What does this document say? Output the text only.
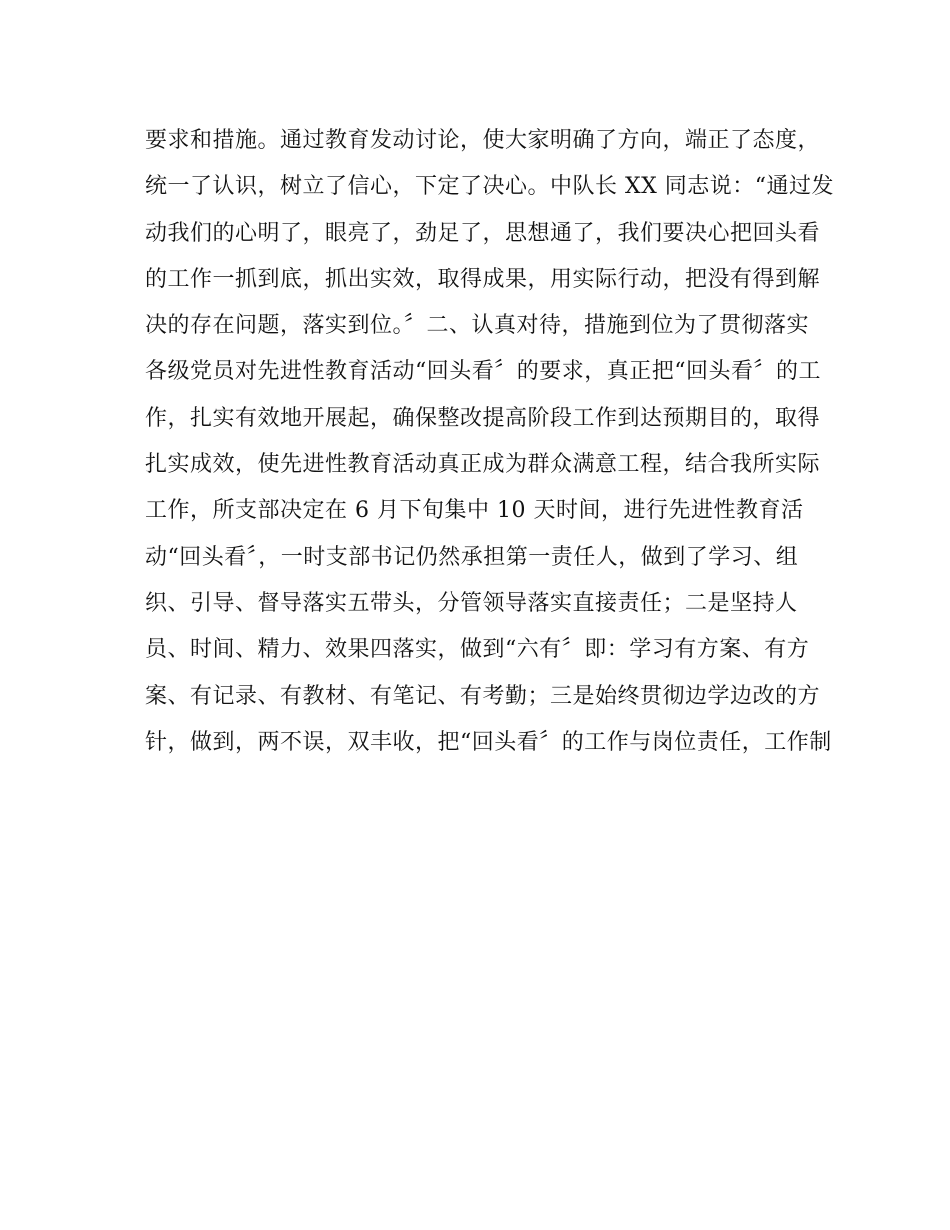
要求和措施。通过教育发动讨论，使大家明确了方向，端正了态度，
统一了认识，树立了信心，下定了决心。中队长 XX 同志说：“通过发
动我们的心明了，眼亮了，劲足了，思想通了，我们要决心把回头看
的工作一抓到底，抓出实效，取得成果，用实际行动，把没有得到解
决的存在问题，落实到位。〞二、认真对待，措施到位为了贯彻落实
各级党员对先进性教育活动“回头看〞的要求，真正把“回头看〞的工
作，扎实有效地开展起，确保整改提高阶段工作到达预期目的，取得
扎实成效，使先进性教育活动真正成为群众满意工程，结合我所实际
工作，所支部决定在 6 月下旬集中 10 天时间，进行先进性教育活
动“回头看〞，一时支部书记仍然承担第一责任人，做到了学习、组
织、引导、督导落实五带头，分管领导落实直接责任；二是坚持人
员、时间、精力、效果四落实，做到“六有〞即：学习有方案、有方
案、有记录、有教材、有笔记、有考勤；三是始终贯彻边学边改的方
针，做到，两不误，双丰收，把“回头看〞的工作与岗位责任，工作制
